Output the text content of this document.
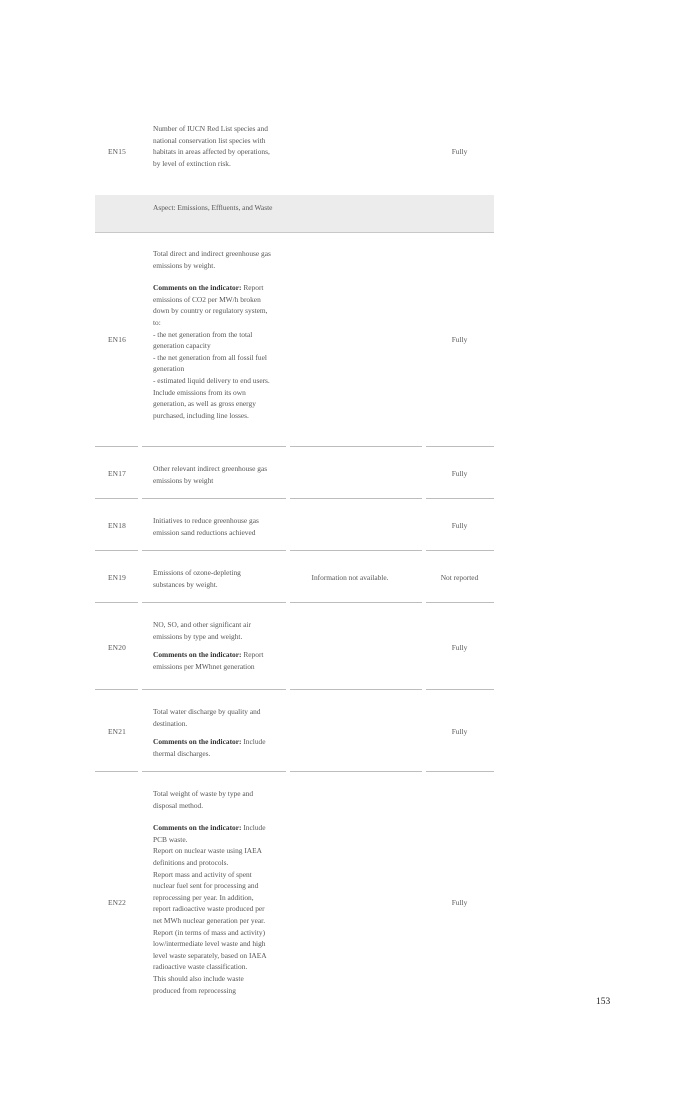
Aspect: Emissions, Effluents, and Waste
EN15

Number of IUCN Red List species and national conservation list species with habitats in areas affected by operations, by level of extinction risk.

Fully
EN16

Total direct and indirect greenhouse gas emissions by weight.

Comments on the indicator: Report emissions of CO2 per MW/h broken down by country or regulatory system, to:
- the net generation from the total generation capacity
- the net generation from all fossil fuel generation
- estimated liquid delivery to end users.
Include emissions from its own generation, as well as gross energy purchased, including line losses.

Fully
EN17

Other relevant indirect greenhouse gas emissions by weight

Fully
EN18

Initiatives to reduce greenhouse gas emission sand reductions achieved

Fully
EN19

Emissions of ozone-depleting substances by weight.

Information not available.	Not reported
EN20

NO, SO, and other significant air emissions by type and weight.

Comments on the indicator: Report emissions per MWhnet generation

Fully
EN21

Total water discharge by quality and destination.

Comments on the indicator: Include thermal discharges.

Fully
EN22

Total weight of waste by type and disposal method.

Comments on the indicator: Include PCB waste.
Report on nuclear waste using IAEA definitions and protocols.
Report mass and activity of spent nuclear fuel sent for processing and reprocessing per year. In addition, report radioactive waste produced per net MWh nuclear generation per year. Report (in terms of mass and activity) low/intermediate level waste and high level waste separately, based on IAEA radioactive waste classification.
This should also include waste produced from reprocessing

Fully
153
